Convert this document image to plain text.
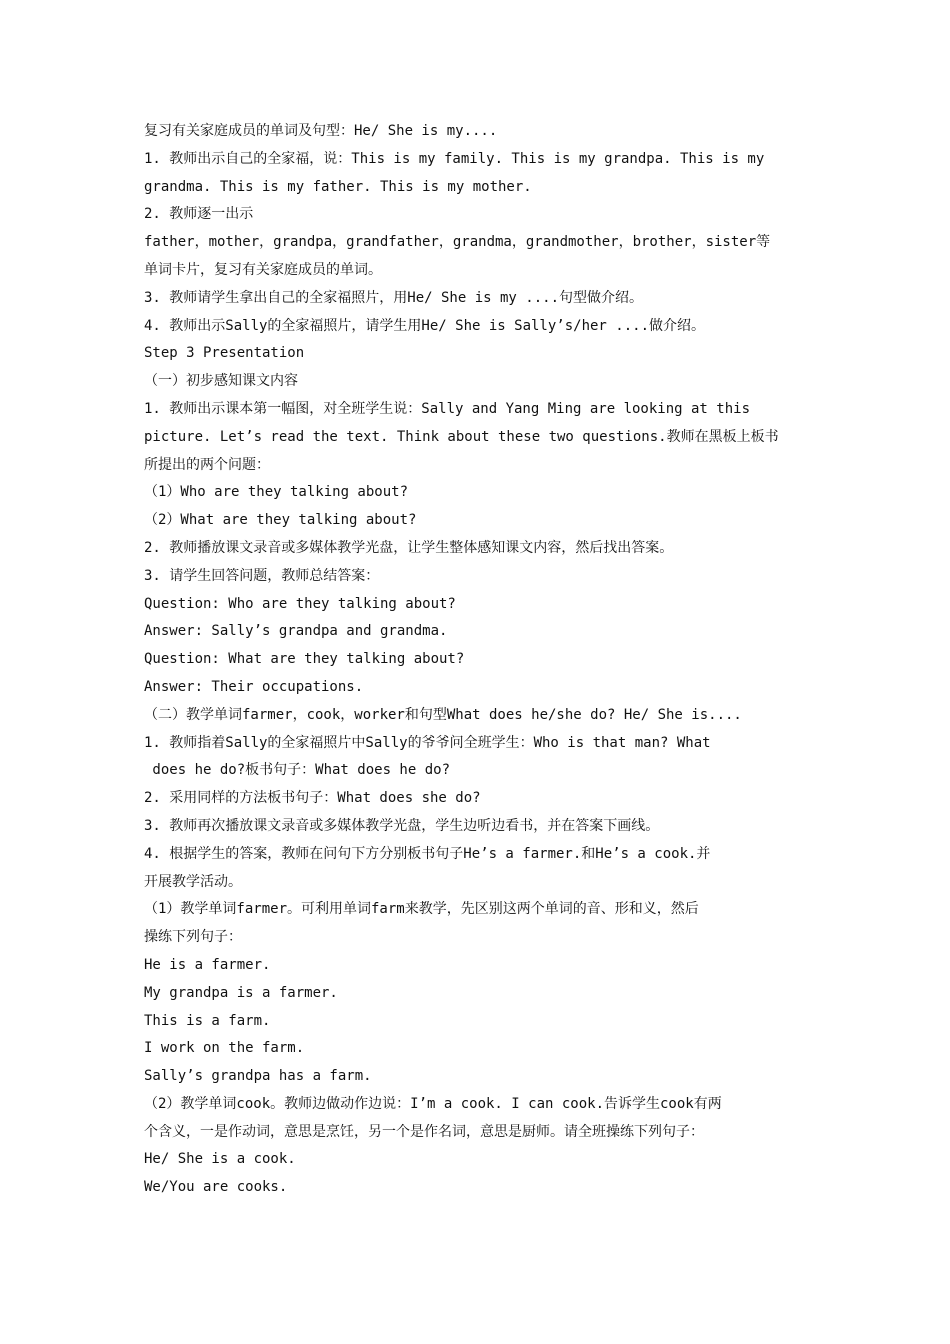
复习有关家庭成员的单词及句型：He/ She is my....
1. 教师出示自己的全家福，说：This is my family. This is my grandpa. This is my
grandma. This is my father. This is my mother.
2. 教师逐一出示
father，mother，grandpa，grandfather，grandma，grandmother，brother，sister等
单词卡片，复习有关家庭成员的单词。
3. 教师请学生拿出自己的全家福照片，用He/ She is my ....句型做介绍。
4. 教师出示Sally的全家福照片，请学生用He/ She is Sally’s/her ....做介绍。
Step 3 Presentation
（一）初步感知课文内容
1. 教师出示课本第一幅图，对全班学生说：Sally and Yang Ming are looking at this
picture. Let’s read the text. Think about these two questions.教师在黑板上板书
所提出的两个问题：
（1）Who are they talking about?
（2）What are they talking about?
2. 教师播放课文录音或多媒体教学光盘，让学生整体感知课文内容，然后找出答案。
3. 请学生回答问题，教师总结答案：
Question: Who are they talking about?
Answer: Sally’s grandpa and grandma.
Question: What are they talking about?
Answer: Their occupations.
（二）教学单词farmer，cook，worker和句型What does he/she do? He/ She is....
1. 教师指着Sally的全家福照片中Sally的爷爷问全班学生：Who is that man? What
does he do?板书句子：What does he do?
2. 采用同样的方法板书句子：What does she do?
3. 教师再次播放课文录音或多媒体教学光盘，学生边听边看书，并在答案下画线。
4. 根据学生的答案，教师在问句下方分别板书句子He’s a farmer.和He’s a cook.并
开展教学活动。
（1）教学单词farmer。可利用单词farm来教学，先区别这两个单词的音、形和义，然后
操练下列句子：
He is a farmer.
My grandpa is a farmer.
This is a farm.
I work on the farm.
Sally’s grandpa has a farm.
（2）教学单词cook。教师边做动作边说：I’m a cook. I can cook.告诉学生cook有两
个含义，一是作动词，意思是烹饪，另一个是作名词，意思是厨师。请全班操练下列句子：
He/ She is a cook.
We/You are cooks.
